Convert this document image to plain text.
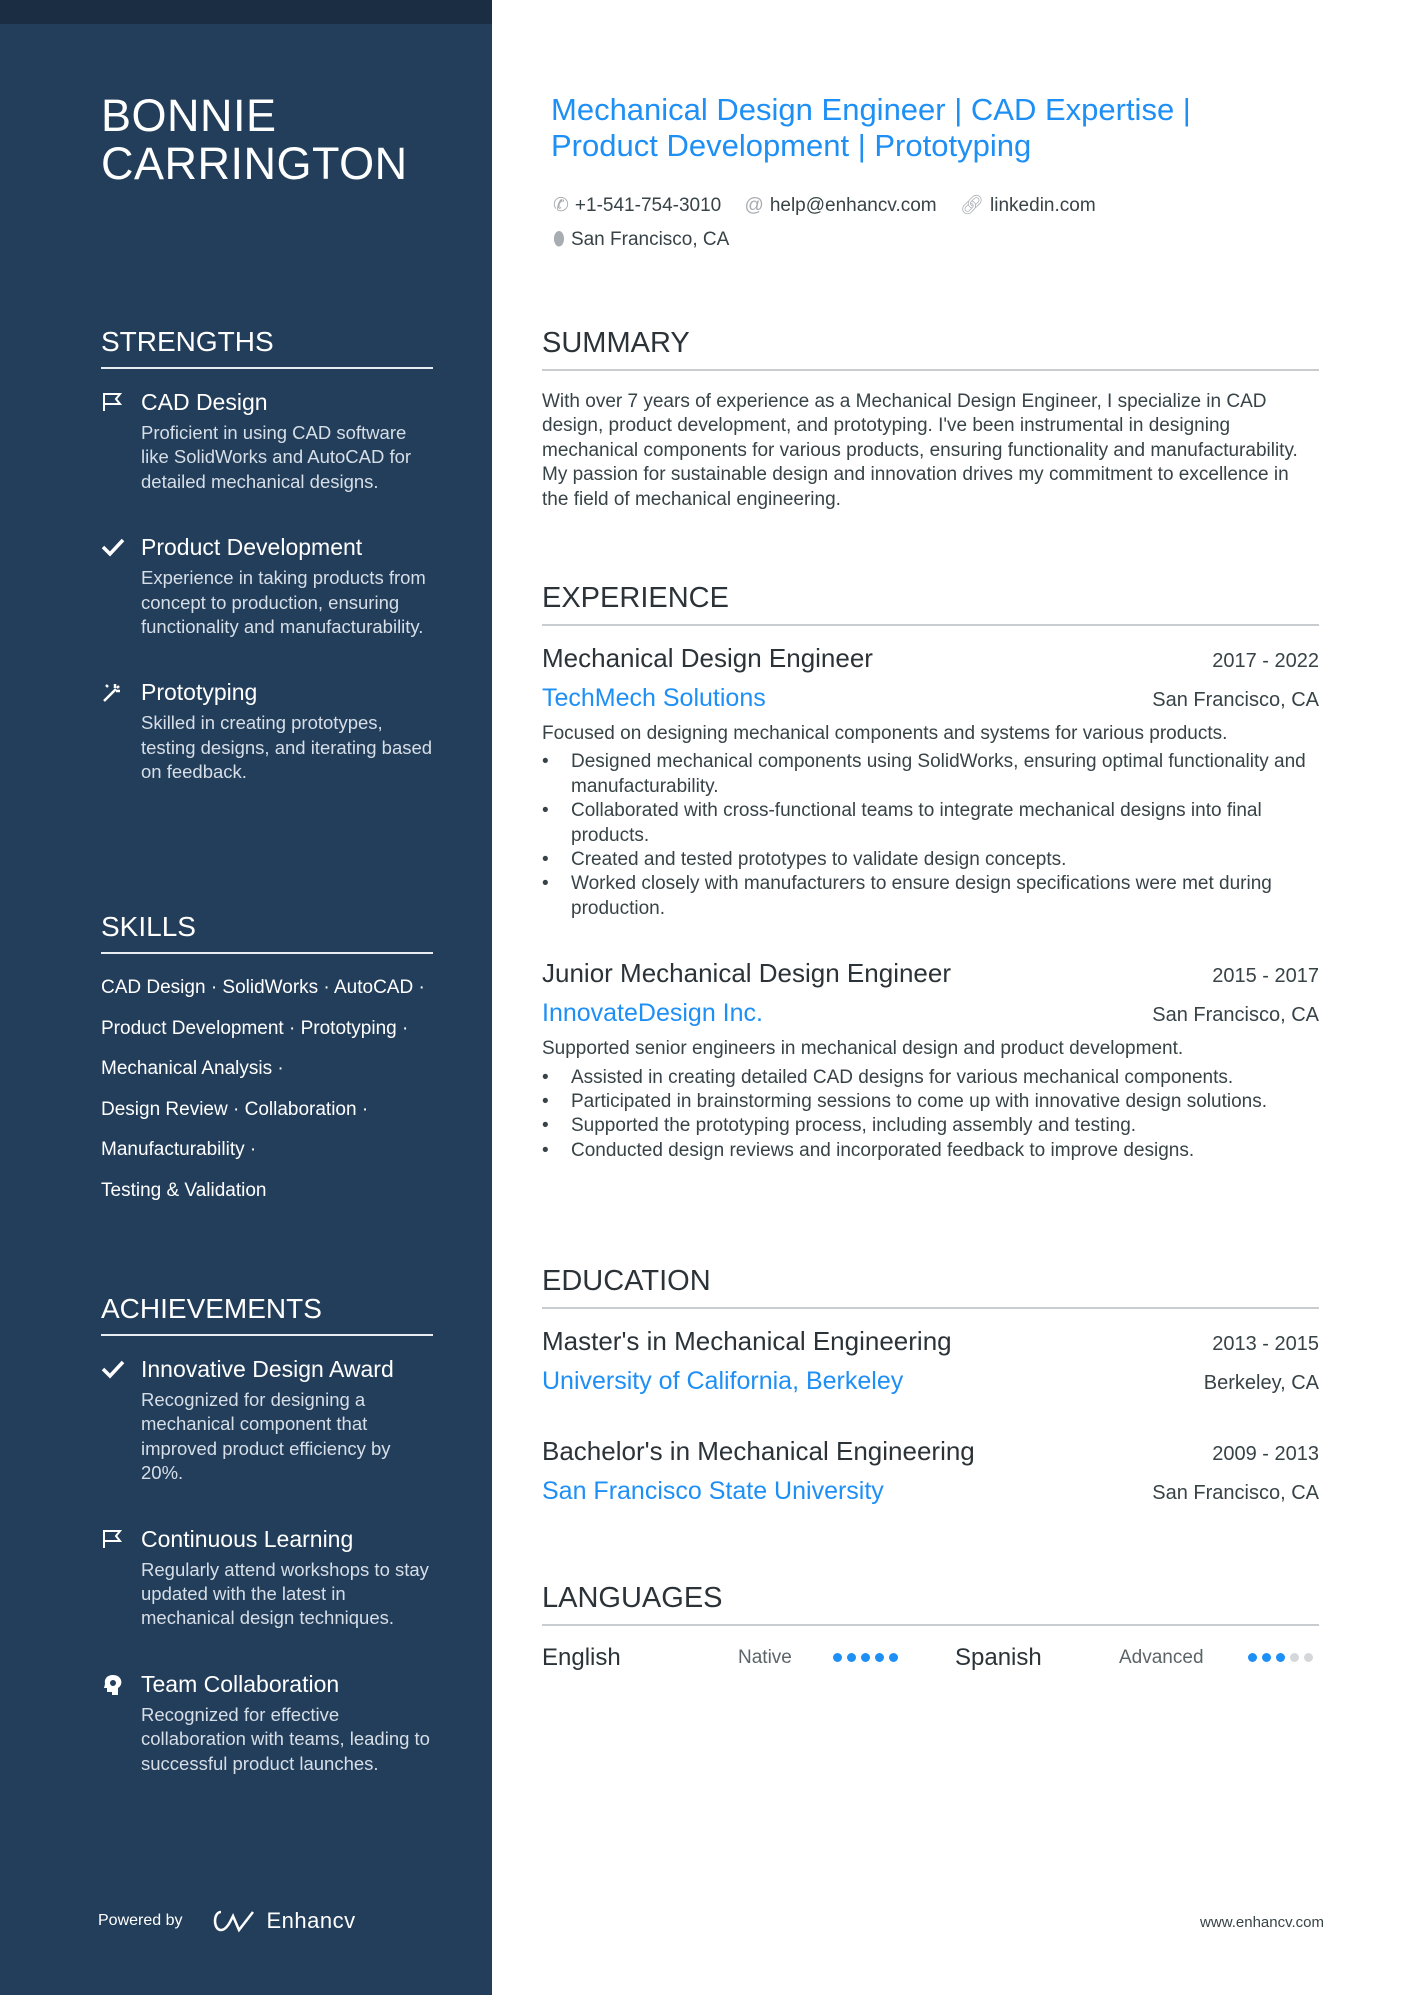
BONNIE
CARRINGTON
STRENGTHS
CAD Design
Proficient in using CAD software like SolidWorks and AutoCAD for detailed mechanical designs.
Product Development
Experience in taking products from concept to production, ensuring functionality and manufacturability.
Prototyping
Skilled in creating prototypes, testing designs, and iterating based on feedback.
SKILLS
CAD Design · SolidWorks · AutoCAD ·
Product Development · Prototyping ·
Mechanical Analysis ·
Design Review · Collaboration ·
Manufacturability ·
Testing & Validation
ACHIEVEMENTS
Innovative Design Award
Recognized for designing a mechanical component that improved product efficiency by 20%.
Continuous Learning
Regularly attend workshops to stay updated with the latest in mechanical design techniques.
Team Collaboration
Recognized for effective collaboration with teams, leading to successful product launches.
Powered by	Enhancv
Mechanical Design Engineer | CAD Expertise |
Product Development | Prototyping
✆ +1-541-754-3010 @ help@enhancv.com 🔗︎ linkedin.com
⬮ San Francisco, CA
SUMMARY
With over 7 years of experience as a Mechanical Design Engineer, I specialize in CAD design, product development, and prototyping. I've been instrumental in designing mechanical components for various products, ensuring functionality and manufacturability. My passion for sustainable design and innovation drives my commitment to excellence in the field of mechanical engineering.
EXPERIENCE
Mechanical Design Engineer	2017 - 2022
TechMech Solutions	San Francisco, CA
Focused on designing mechanical components and systems for various products.
• Designed mechanical components using SolidWorks, ensuring optimal functionality and manufacturability.
• Collaborated with cross-functional teams to integrate mechanical designs into final products.
• Created and tested prototypes to validate design concepts.
• Worked closely with manufacturers to ensure design specifications were met during production.
Junior Mechanical Design Engineer	2015 - 2017
InnovateDesign Inc.	San Francisco, CA
Supported senior engineers in mechanical design and product development.
• Assisted in creating detailed CAD designs for various mechanical components.
• Participated in brainstorming sessions to come up with innovative design solutions.
• Supported the prototyping process, including assembly and testing.
• Conducted design reviews and incorporated feedback to improve designs.
EDUCATION
Master's in Mechanical Engineering	2013 - 2015
University of California, Berkeley	Berkeley, CA
Bachelor's in Mechanical Engineering	2009 - 2013
San Francisco State University	San Francisco, CA
LANGUAGES
English	Native	Spanish	Advanced
www.enhancv.com
